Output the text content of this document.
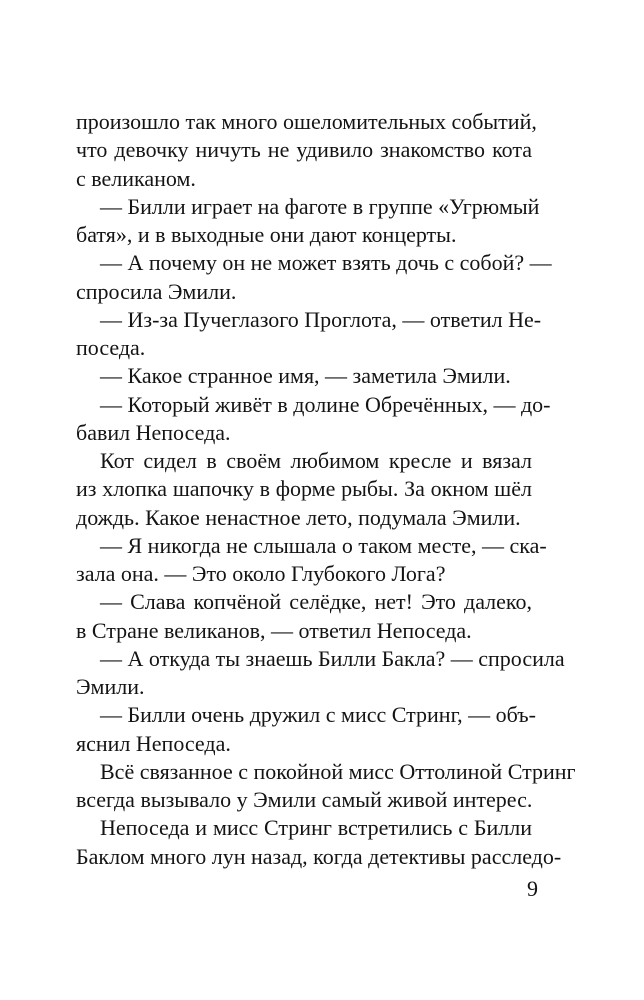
произошло так много ошеломительных событий,
что девочку ничуть не удивило знакомство кота
с великаном.
— Билли играет на фаготе в группе «Угрюмый
батя», и в выходные они дают концерты.
— А почему он не может взять дочь с собой? —
спросила Эмили.
— Из-за Пучеглазого Проглота, — ответил Не-
поседа.
— Какое странное имя, — заметила Эмили.
— Который живёт в долине Обречённых, — до-
бавил Непоседа.
Кот сидел в своём любимом кресле и вязал
из хлопка шапочку в форме рыбы. За окном шёл
дождь. Какое ненастное лето, подумала Эмили.
— Я никогда не слышала о таком месте, — ска-
зала она. — Это около Глубокого Лога?
— Слава копчёной селёдке, нет! Это далеко,
в Стране великанов, — ответил Непоседа.
— А откуда ты знаешь Билли Бакла? — спросила
Эмили.
— Билли очень дружил с мисс Стринг, — объ-
яснил Непоседа.
Всё связанное с покойной мисс Оттолиной Стринг
всегда вызывало у Эмили самый живой интерес.
Непоседа и мисс Стринг встретились с Билли
Баклом много лун назад, когда детективы расследо-
9
